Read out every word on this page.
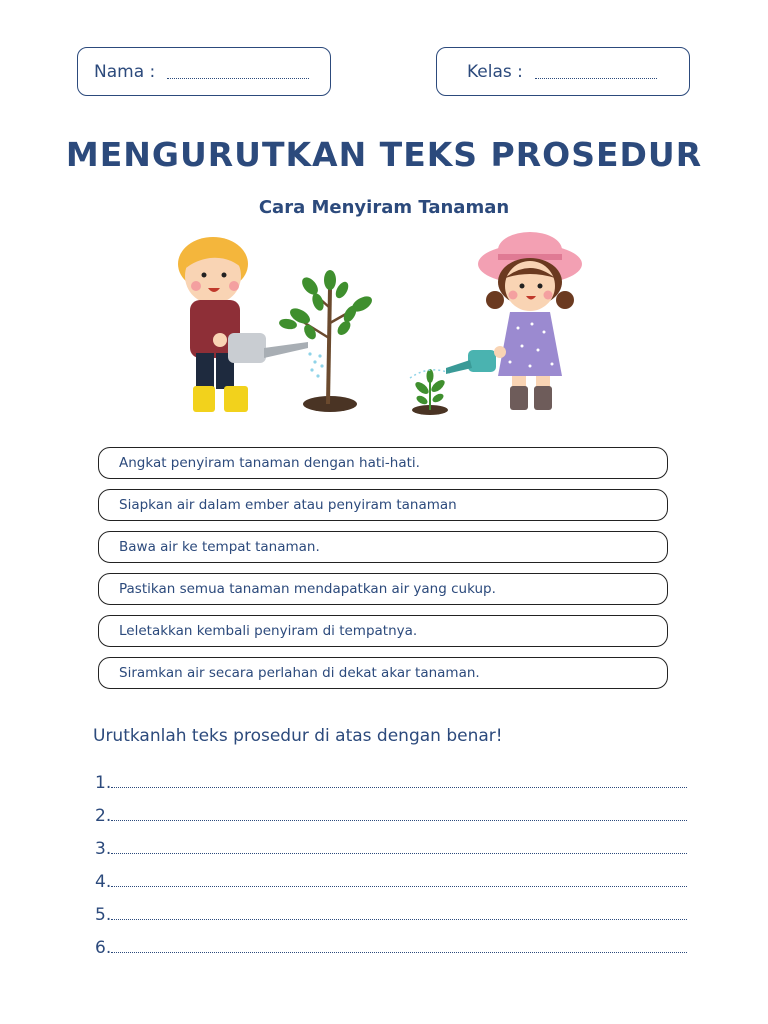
Nama :	Kelas :
MENGURUTKAN TEKS PROSEDUR
Cara Menyiram Tanaman
Angkat penyiram tanaman dengan hati-hati.
Siapkan air dalam ember atau penyiram tanaman
Bawa air ke tempat tanaman.
Pastikan semua tanaman mendapatkan air yang cukup.
Leletakkan kembali penyiram di tempatnya.
Siramkan air secara perlahan di dekat akar tanaman.
Urutkanlah teks prosedur di atas dengan benar!
1.
2.
3.
4.
5.
6.
